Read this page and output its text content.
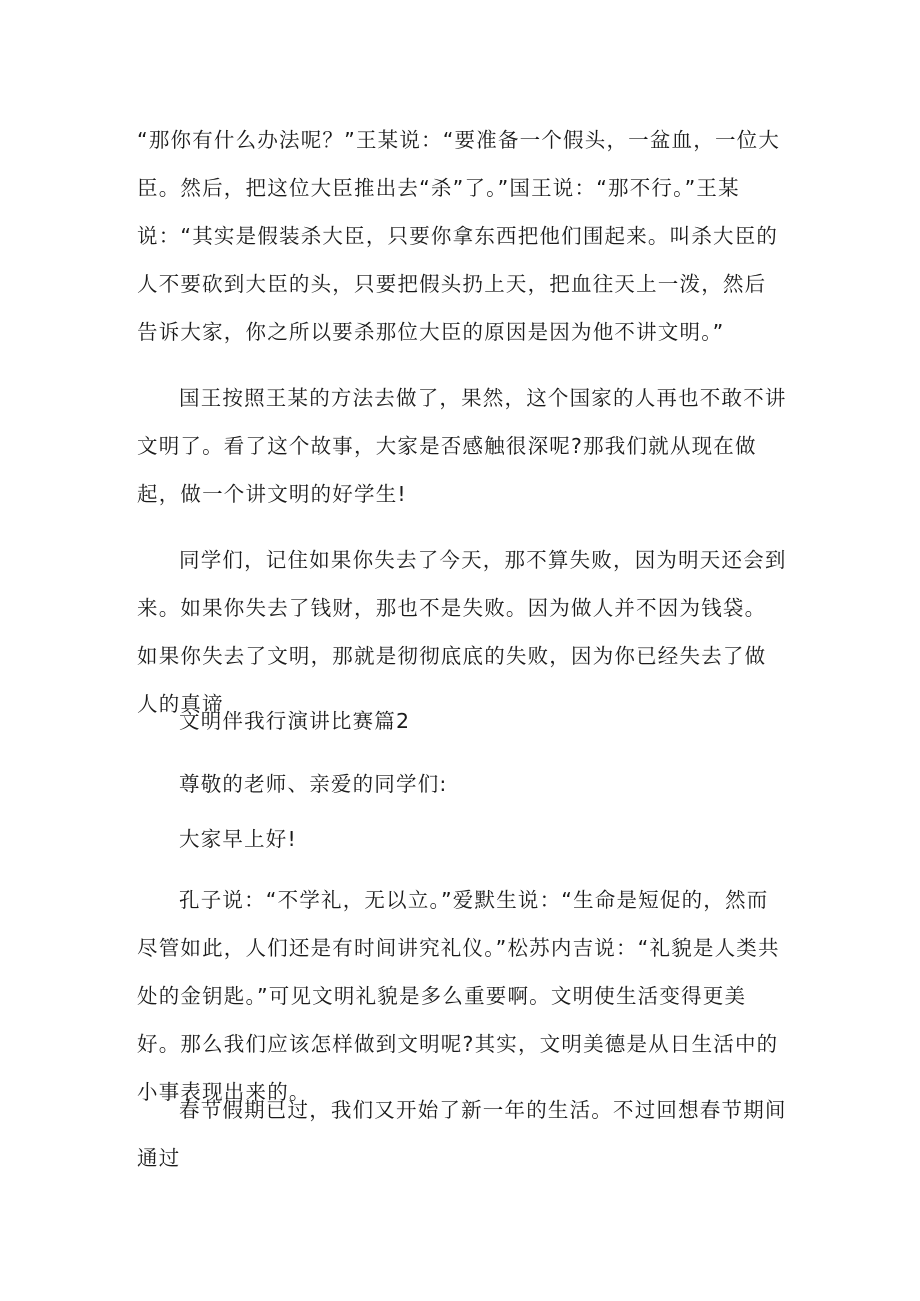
“那你有什么办法呢？”王某说：“要准备一个假头，一盆血，一位大臣。然后，把这位大臣推出去“杀”了。”国王说：“那不行。”王某说：“其实是假装杀大臣，只要你拿东西把他们围起来。叫杀大臣的人不要砍到大臣的头，只要把假头扔上天，把血往天上一泼，然后告诉大家，你之所以要杀那位大臣的原因是因为他不讲文明。”

国王按照王某的方法去做了，果然，这个国家的人再也不敢不讲文明了。看了这个故事，大家是否感触很深呢?那我们就从现在做起，做一个讲文明的好学生!

同学们，记住如果你失去了今天，那不算失败，因为明天还会到来。如果你失去了钱财，那也不是失败。因为做人并不因为钱袋。如果你失去了文明，那就是彻彻底底的失败，因为你已经失去了做人的真谛

文明伴我行演讲比赛篇2
尊敬的老师、亲爱的同学们:
大家早上好!

孔子说：“不学礼，无以立。”爱默生说：“生命是短促的，然而尽管如此，人们还是有时间讲究礼仪。”松苏内吉说：“礼貌是人类共处的金钥匙。”可见文明礼貌是多么重要啊。文明使生活变得更美好。那么我们应该怎样做到文明呢?其实，文明美德是从日生活中的小事表现出来的。

春节假期已过，我们又开始了新一年的生活。不过回想春节期间通过
